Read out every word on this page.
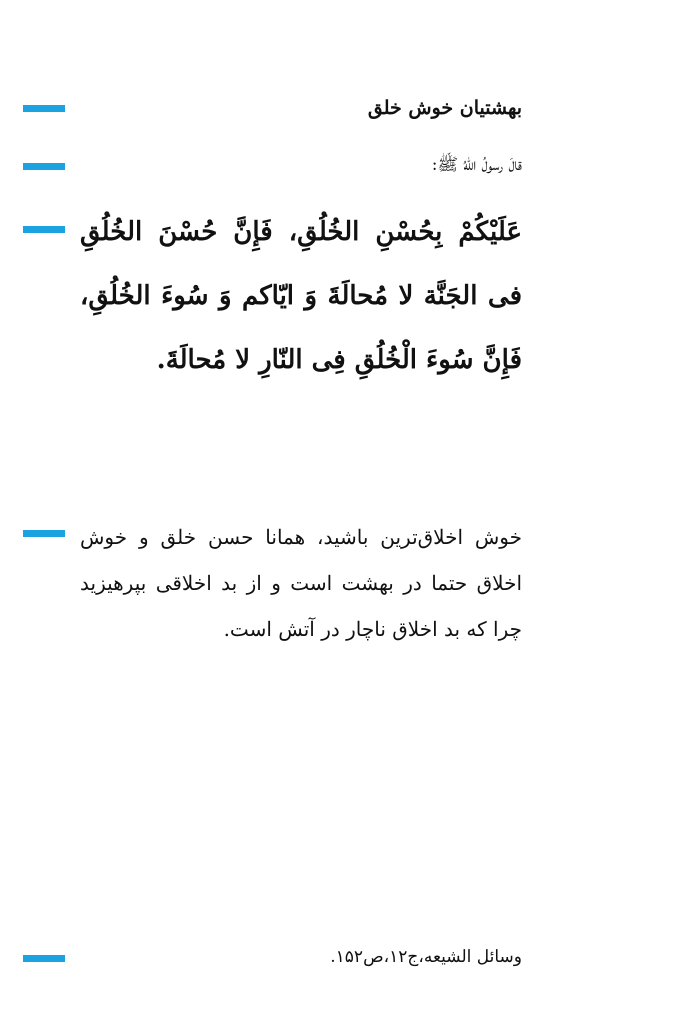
بهشتیان خوش خلق

قالَ رسولُ اللهُ ﷺ:

عَلَيْكُمْ بِحُسْنِ الخُلُقِ، فَإِنَّ حُسْنَ الخُلُقِ فی الجَنَّة لا مُحالَةَ وَ ايّاكم وَ سُوءَ الخُلُقِ، فَإِنَّ سُوءَ الْخُلُقِ فِی النّارِ لا مُحالَةَ.

خوش اخلاق‌ترین باشید، همانا حسن خلق و خوش اخلاق حتما در بهشت است و از بد اخلاقی بپرهیزید چرا که بد اخلاق ناچار در آتش است.

وسائل الشيعه،ج۱۲،ص۱۵۲.
